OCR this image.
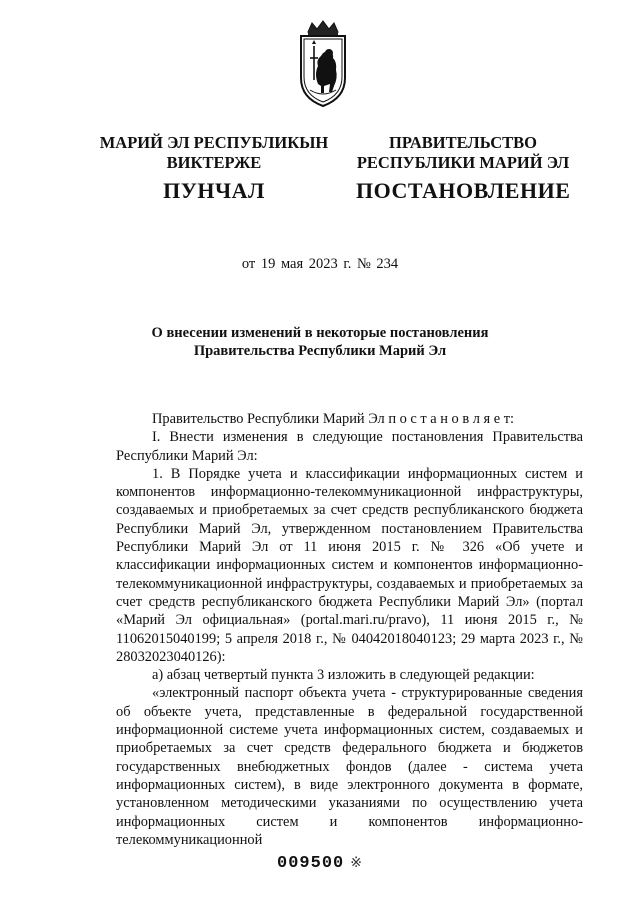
МАРИЙ ЭЛ РЕСПУБЛИКЫН
ВИКТЕРЖЕ
ПУНЧАЛ
ПРАВИТЕЛЬСТВО
РЕСПУБЛИКИ МАРИЙ ЭЛ
ПОСТАНОВЛЕНИЕ
от 19 мая 2023 г. № 234
О внесении изменений в некоторые постановления
Правительства Республики Марий Эл

Правительство Республики Марий Эл п о с т а н о в л я е т:

I. Внести изменения в следующие постановления Правительства Республики Марий Эл:

1. В Порядке учета и классификации информационных систем и компонентов информационно-телекоммуникационной инфраструктуры, создаваемых и приобретаемых за счет средств республиканского бюджета Республики Марий Эл, утвержденном постановлением Правительства Республики Марий Эл от 11 июня 2015 г. № 326 «Об учете и классификации информационных систем и компонентов информационно-телекоммуникационной инфраструктуры, создаваемых и приобретаемых за счет средств республиканского бюджета Республики Марий Эл» (портал «Марий Эл официальная» (portal.mari.ru/pravo), 11 июня 2015 г., № 11062015040199; 5 апреля 2018 г., № 04042018040123; 29 марта 2023 г., № 28032023040126):

а) абзац четвертый пункта 3 изложить в следующей редакции:

«электронный паспорт объекта учета - структурированные сведения об объекте учета, представленные в федеральной государственной информационной системе учета информационных систем, создаваемых и приобретаемых за счет средств федерального бюджета и бюджетов государственных внебюджетных фондов (далее - система учета информационных систем), в виде электронного документа в формате, установленном методическими указаниями по осуществлению учета информационных систем и компонентов информационно-телекоммуникационной

009500 ※
